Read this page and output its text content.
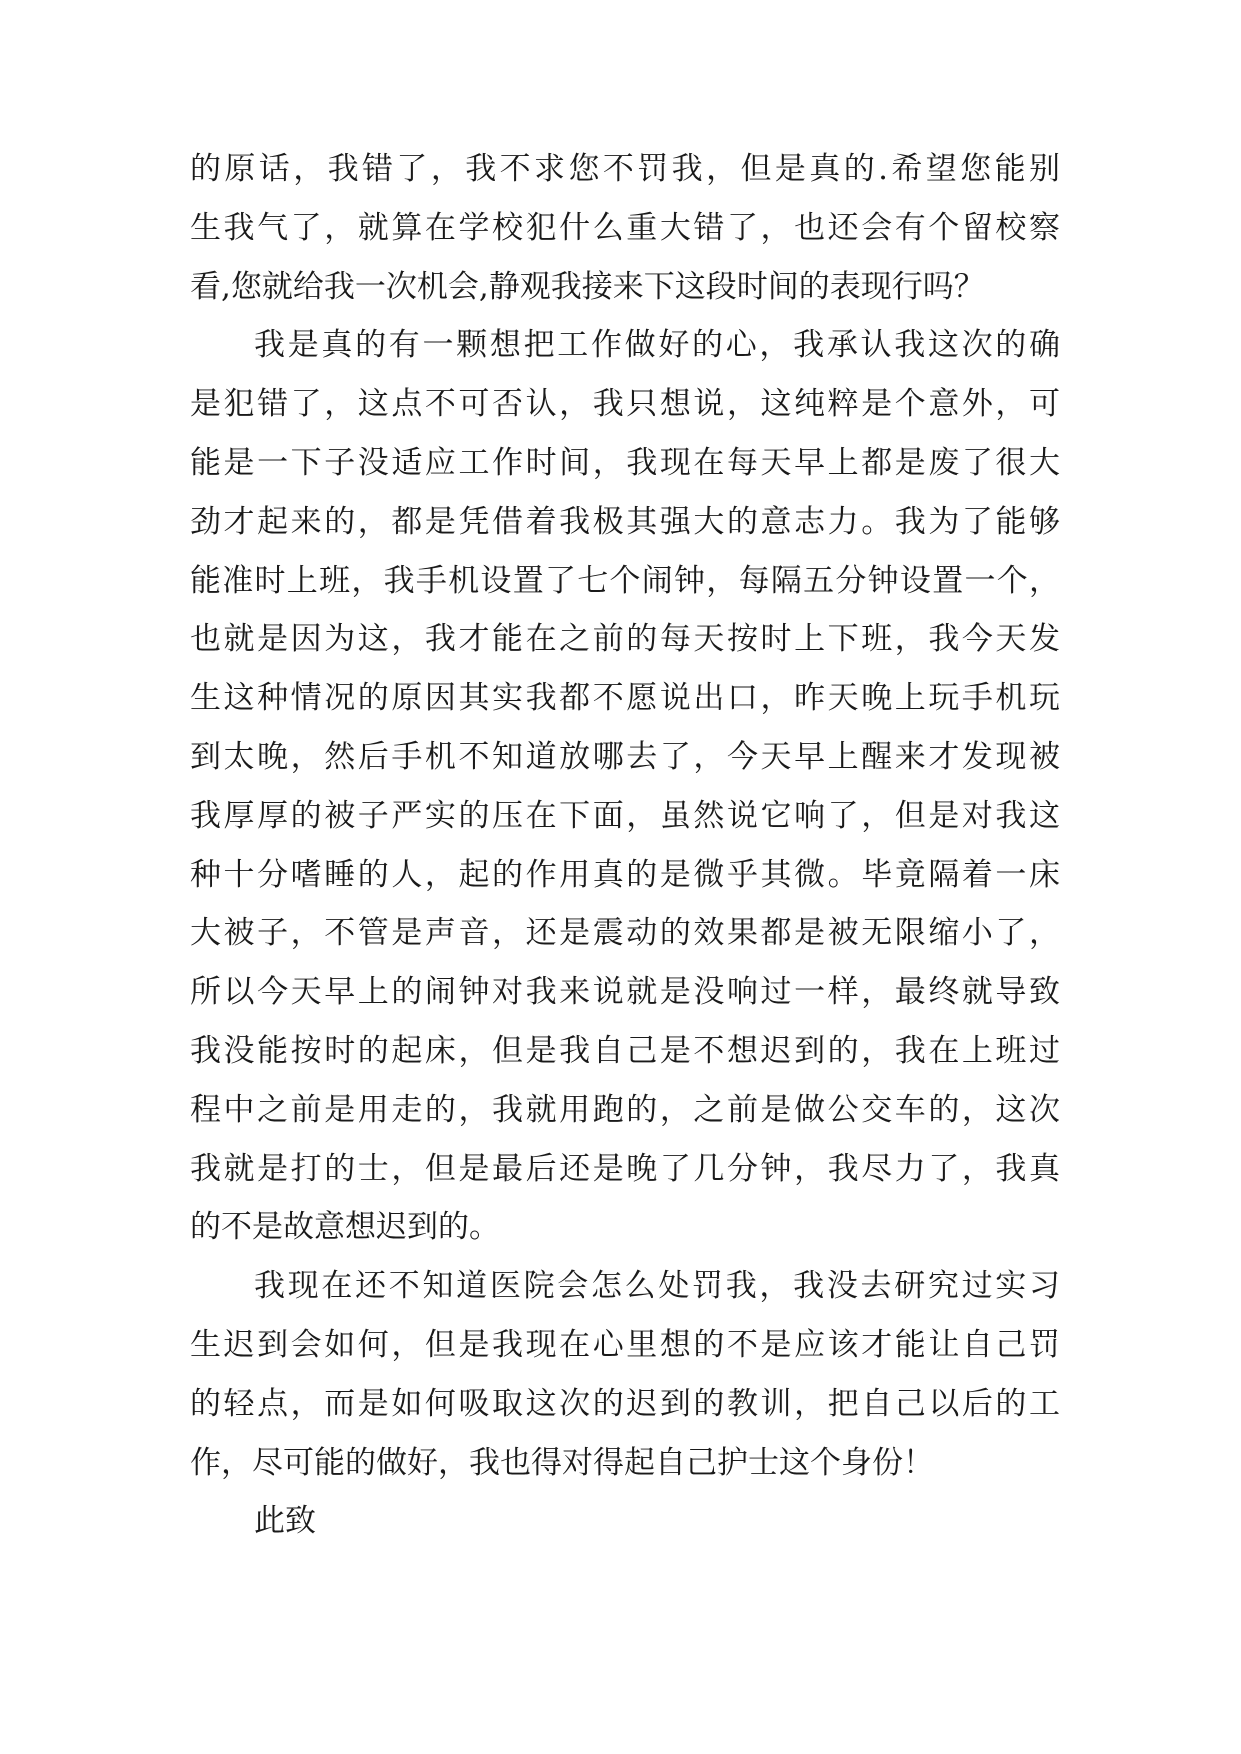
的原话，我错了，我不求您不罚我，但是真的.希望您能别
生我气了，就算在学校犯什么重大错了，也还会有个留校察
看,您就给我一次机会,静观我接来下这段时间的表现行吗？
我是真的有一颗想把工作做好的心，我承认我这次的确
是犯错了，这点不可否认，我只想说，这纯粹是个意外，可
能是一下子没适应工作时间，我现在每天早上都是废了很大
劲才起来的，都是凭借着我极其强大的意志力。我为了能够
能准时上班，我手机设置了七个闹钟，每隔五分钟设置一个，
也就是因为这，我才能在之前的每天按时上下班，我今天发
生这种情况的原因其实我都不愿说出口，昨天晚上玩手机玩
到太晚，然后手机不知道放哪去了，今天早上醒来才发现被
我厚厚的被子严实的压在下面，虽然说它响了，但是对我这
种十分嗜睡的人，起的作用真的是微乎其微。毕竟隔着一床
大被子，不管是声音，还是震动的效果都是被无限缩小了，
所以今天早上的闹钟对我来说就是没响过一样，最终就导致
我没能按时的起床，但是我自己是不想迟到的，我在上班过
程中之前是用走的，我就用跑的，之前是做公交车的，这次
我就是打的士，但是最后还是晚了几分钟，我尽力了，我真
的不是故意想迟到的。
我现在还不知道医院会怎么处罚我，我没去研究过实习
生迟到会如何，但是我现在心里想的不是应该才能让自己罚
的轻点，而是如何吸取这次的迟到的教训，把自己以后的工
作，尽可能的做好，我也得对得起自己护士这个身份！
此致
